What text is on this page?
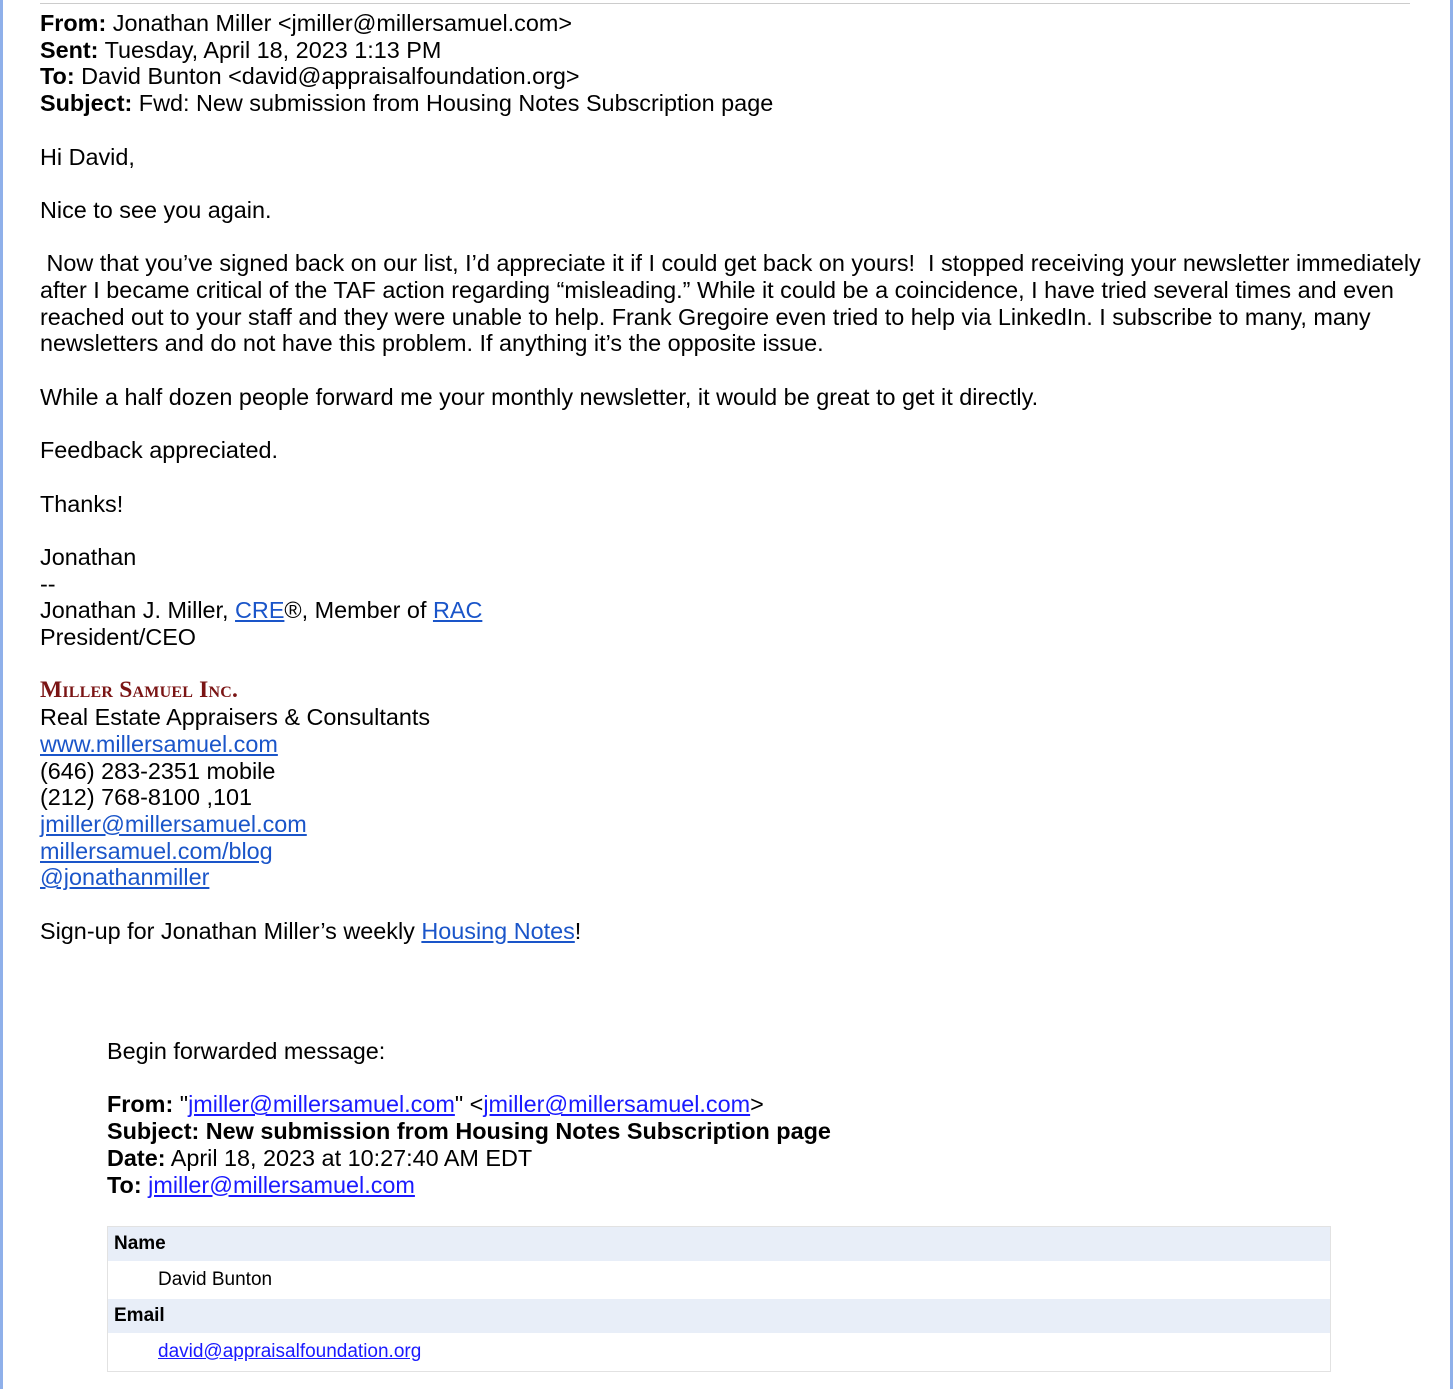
From: Jonathan Miller <jmiller@millersamuel.com>
Sent: Tuesday, April 18, 2023 1:13 PM
To: David Bunton <david@appraisalfoundation.org>
Subject: Fwd: New submission from Housing Notes Subscription page
Hi David,
Nice to see you again.
Now that you’ve signed back on our list, I’d appreciate it if I could get back on yours!  I stopped receiving your newsletter immediately after I became critical of the TAF action regarding “misleading.” While it could be a coincidence, I have tried several times and even reached out to your staff and they were unable to help. Frank Gregoire even tried to help via LinkedIn. I subscribe to many, many newsletters and do not have this problem. If anything it’s the opposite issue.
While a half dozen people forward me your monthly newsletter, it would be great to get it directly.
Feedback appreciated.
Thanks!
Jonathan
--
Jonathan J. Miller, CRE®, Member of RAC
President/CEO
Miller Samuel Inc.
Real Estate Appraisers & Consultants
www.millersamuel.com
(646) 283-2351 mobile
(212) 768-8100 ,101
jmiller@millersamuel.com
millersamuel.com/blog
@jonathanmiller
Sign-up for Jonathan Miller’s weekly Housing Notes!
Begin forwarded message:
From: "jmiller@millersamuel.com" <jmiller@millersamuel.com>
Subject: New submission from Housing Notes Subscription page
Date: April 18, 2023 at 10:27:40 AM EDT
To: jmiller@millersamuel.com
Name
David Bunton
Email
david@appraisalfoundation.org
